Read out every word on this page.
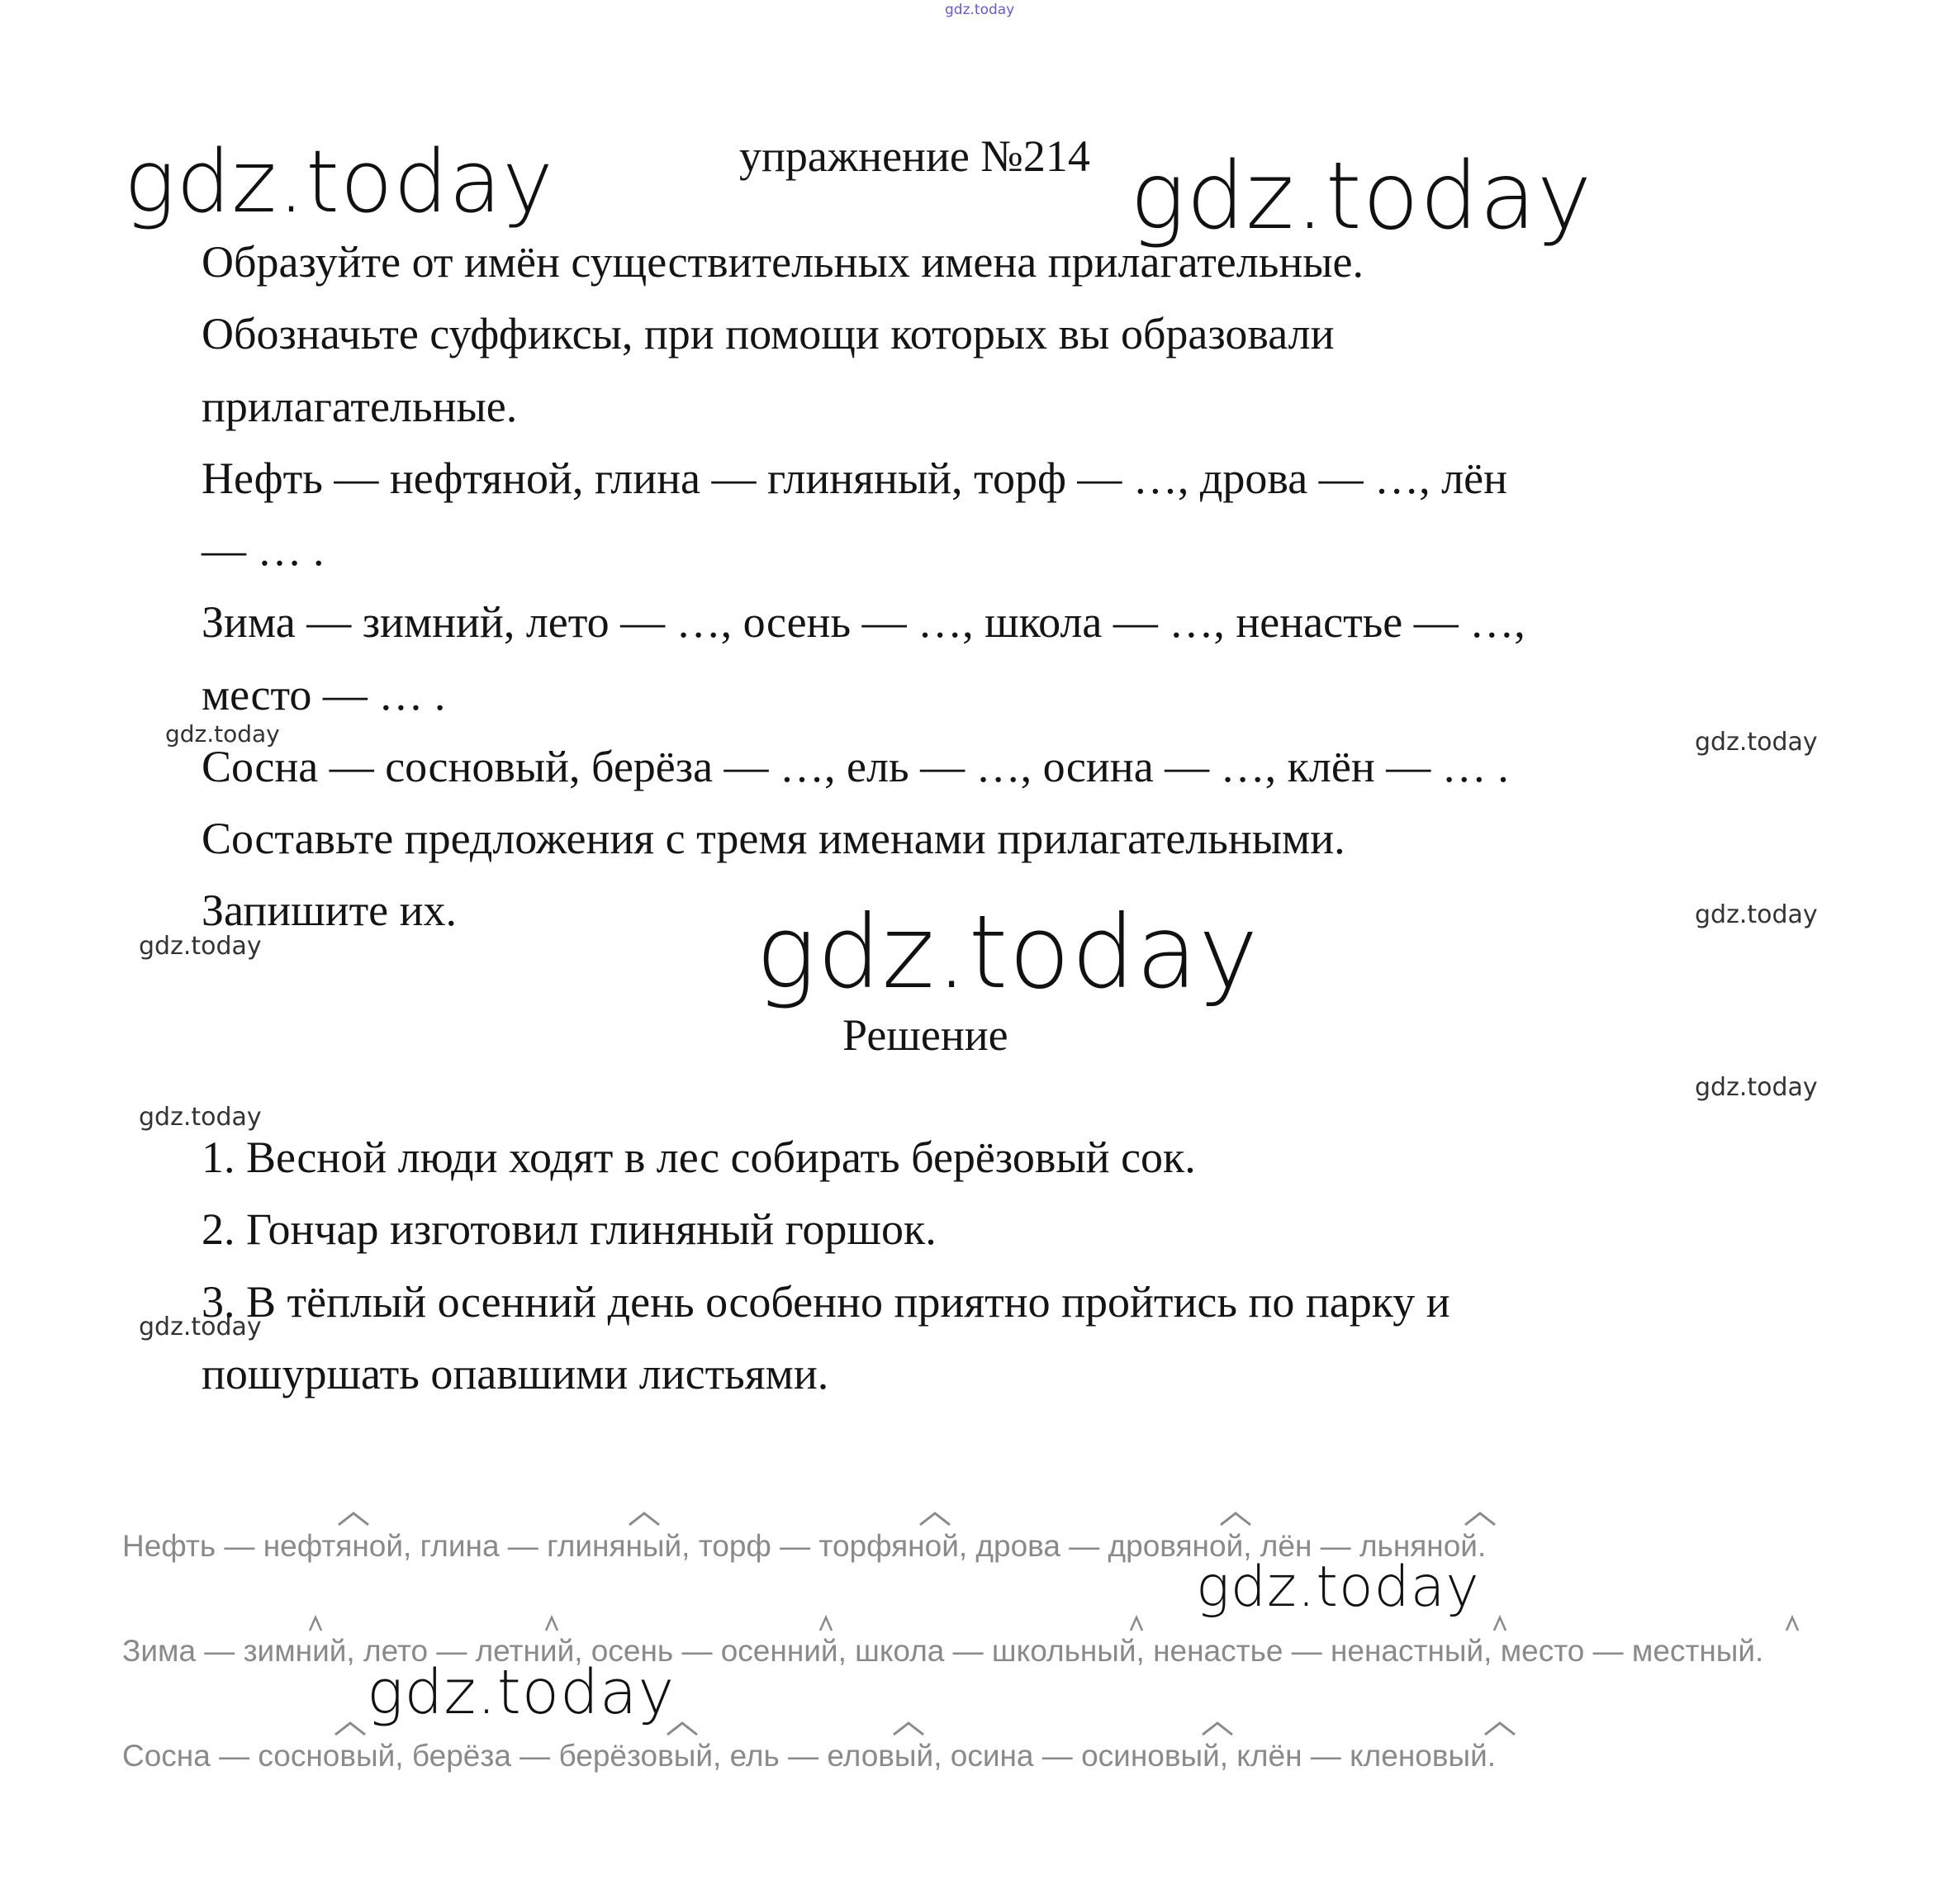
gdz.today
упражнение №214
gdz.today	gdz.today
gdz.today
gdz.today
gdz.today
gdz.today	gdz.today
gdz.today
gdz.today
gdz.today
gdz.today
gdz.today
Образуйте от имён существительных имена прилагательные.
Обозначьте суффиксы, при помощи которых вы образовали
прилагательные.
Нефть — нефтяной, глина — глиняный, торф — …, дрова — …, лён
— … .
Зима — зимний, лето — …, осень — …, школа — …, ненастье — …,
место — … .
Сосна — сосновый, берёза — …, ель — …, осина — …, клён — … .
Составьте предложения с тремя именами прилагательными.
Запишите их.
Решение
1. Весной люди ходят в лес собирать берёзовый сок.
2. Гончар изготовил глиняный горшок.
3. В тёплый осенний день особенно приятно пройтись по парку и
пошуршать опавшими листьями.
Нефть — нефтяной, глина — глиняный, торф — торфяной, дрова — дровяной, лён — льняной.
Зима — зимний, лето — летний, осень — осенний, школа — школьный, ненастье — ненастный, место — местный.
Сосна — сосновый, берёза — берёзовый, ель — еловый, осина — осиновый, клён — кленовый.
